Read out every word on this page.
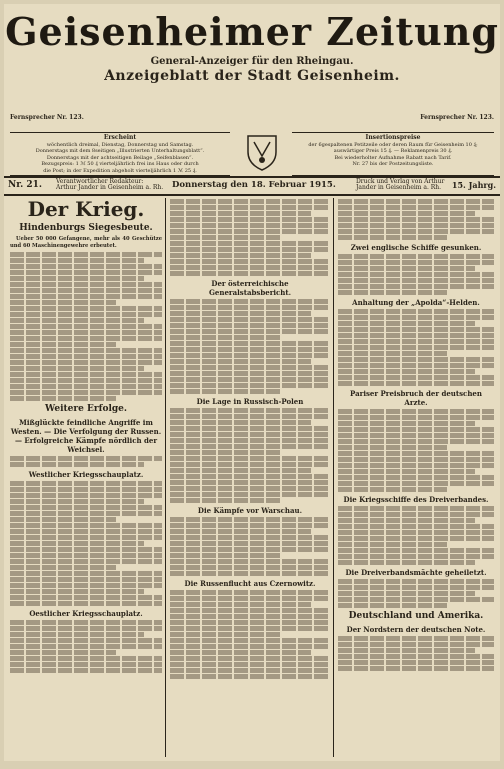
Geisenheimer Zeitung
General-Anzeiger für den Rheingau.
Anzeigeblatt der Stadt Geisenheim.
Fernsprecher Nr. 123.	Fernsprecher Nr. 123.
Erscheint
wöchentlich dreimal, Dienstag, Donnerstag und Samstag.
Donnerstags mit dem 8seitigen „Illustrierten Unterhaltungsblatt“.
Donnerstags mit der achtseitigen Beilage „Seifenblasen“.
Bezugspreis: 1 ℳ 50 ₰ vierteljährlich frei ins Haus oder durch
die Post; in der Expedition abgeholt vierteljährlich 1 ℳ 25 ₰.
Insertionspreise
der 6gespaltenen Petitzeile oder deren Raum für Geisenheim 10 ₰;
auswärtiger Preis 15 ₰. — Reklamenpreis 30 ₰.
Bei wiederholter Aufnahme Rabatt nach Tarif.
Nr. 27 bis der Postzeitungsliste.
Nr. 21. Verantwortlicher Redakteur: Arthur Jander in Geisenheim a. Rh. Donnerstag den 18. Februar 1915.	Druck und Verlag von Arthur Jander in Geisenheim a. Rh.	15. Jahrg.
Der Krieg.
Hindenburgs Siegesbeute.

Ueber 50 000 Gefangene, mehr als 40 Geschütze und 60 Maschinengewehre erbeutet.

Weitere Erfolge.
Mißglückte feindliche Angriffe im Westen. — Die Verfolgung der Russen. — Erfolgreiche Kämpfe nördlich der Weichsel.
Westlicher Kriegsschauplatz.
Oestlicher Kriegsschauplatz.
Der österreichische Generalstabsbericht.
Die Lage in Russisch-Polen
Die Kämpfe vor Warschau.
Die Russenflucht aus Czernowitz.
Zwei englische Schiffe gesunken.
Anhaltung der „Apolda“-Helden.
Pariser Preisbruch der deutschen Arzte.
Die Kriegsschiffe des Dreiverbandes.
Die Dreiverbandsmächte geheiletzt.
Deutschland und Amerika.
Der Nordstern der deutschen Note.
